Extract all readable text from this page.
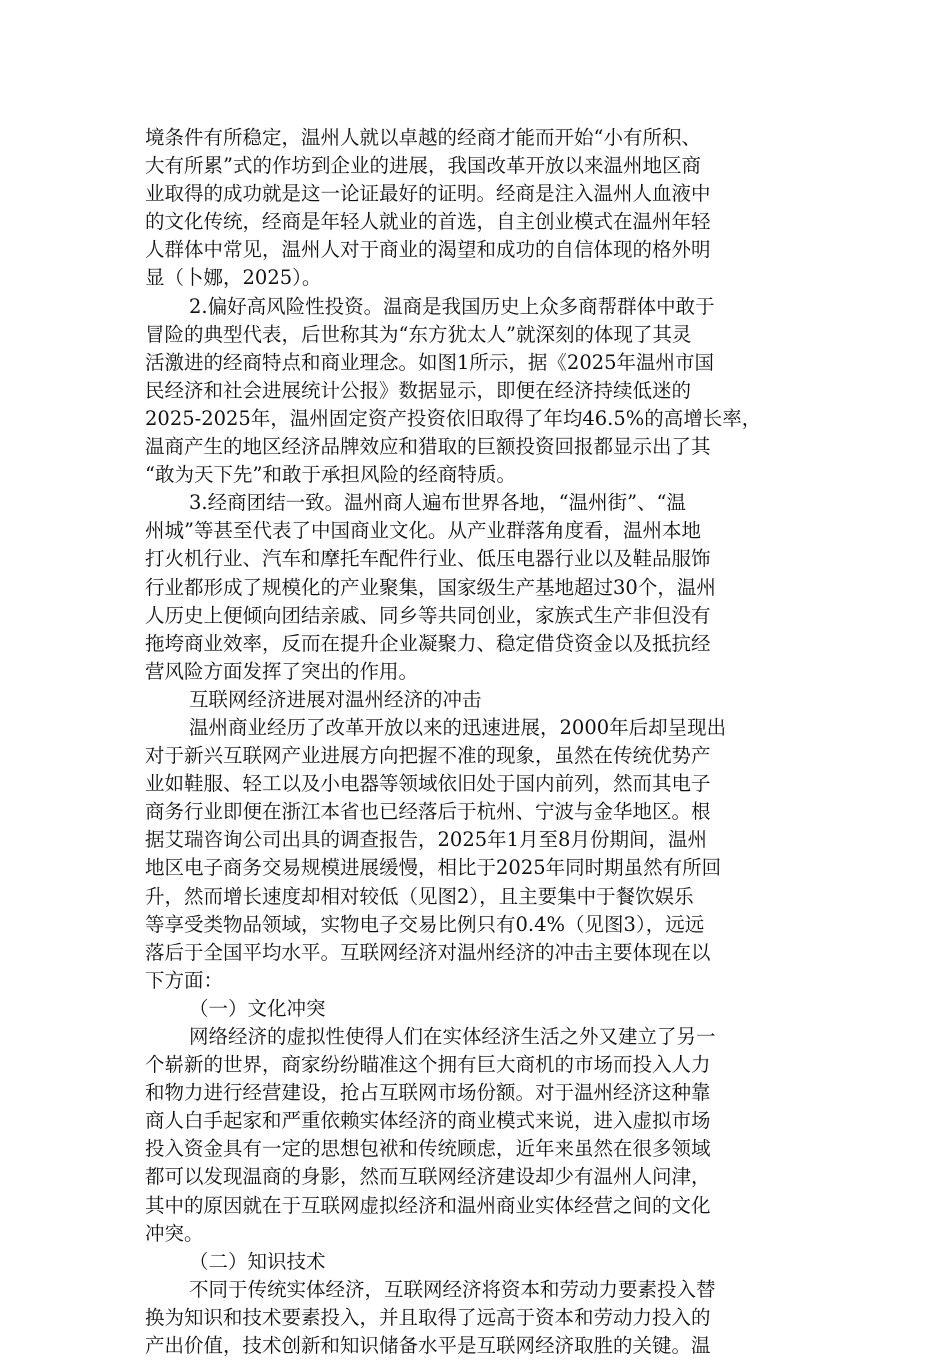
境条件有所稳定，温州人就以卓越的经商才能而开始“小有所积、
大有所累”式的作坊到企业的进展，我国改革开放以来温州地区商
业取得的成功就是这一论证最好的证明。经商是注入温州人血液中
的文化传统，经商是年轻人就业的首选，自主创业模式在温州年轻
人群体中常见，温州人对于商业的渴望和成功的自信体现的格外明
显（卜娜，2025）。
2.偏好高风险性投资。温商是我国历史上众多商帮群体中敢于
冒险的典型代表，后世称其为“东方犹太人”就深刻的体现了其灵
活激进的经商特点和商业理念。如图1所示，据《2025年温州市国
民经济和社会进展统计公报》数据显示，即便在经济持续低迷的
2025-2025年，温州固定资产投资依旧取得了年均46.5%的高增长率，
温商产生的地区经济品牌效应和猎取的巨额投资回报都显示出了其
“敢为天下先”和敢于承担风险的经商特质。
3.经商团结一致。温州商人遍布世界各地，“温州街”、“温
州城”等甚至代表了中国商业文化。从产业群落角度看，温州本地
打火机行业、汽车和摩托车配件行业、低压电器行业以及鞋品服饰
行业都形成了规模化的产业聚集，国家级生产基地超过30个，温州
人历史上便倾向团结亲戚、同乡等共同创业，家族式生产非但没有
拖垮商业效率，反而在提升企业凝聚力、稳定借贷资金以及抵抗经
营风险方面发挥了突出的作用。
互联网经济进展对温州经济的冲击
温州商业经历了改革开放以来的迅速进展，2000年后却呈现出
对于新兴互联网产业进展方向把握不准的现象，虽然在传统优势产
业如鞋服、轻工以及小电器等领域依旧处于国内前列，然而其电子
商务行业即便在浙江本省也已经落后于杭州、宁波与金华地区。根
据艾瑞咨询公司出具的调查报告，2025年1月至8月份期间，温州
地区电子商务交易规模进展缓慢，相比于2025年同时期虽然有所回
升，然而增长速度却相对较低（见图2），且主要集中于餐饮娱乐
等享受类物品领域，实物电子交易比例只有0.4%（见图3），远远
落后于全国平均水平。互联网经济对温州经济的冲击主要体现在以
下方面：
（一）文化冲突
网络经济的虚拟性使得人们在实体经济生活之外又建立了另一
个崭新的世界，商家纷纷瞄准这个拥有巨大商机的市场而投入人力
和物力进行经营建设，抢占互联网市场份额。对于温州经济这种靠
商人白手起家和严重依赖实体经济的商业模式来说，进入虚拟市场
投入资金具有一定的思想包袱和传统顾虑，近年来虽然在很多领域
都可以发现温商的身影，然而互联网经济建设却少有温州人问津，
其中的原因就在于互联网虚拟经济和温州商业实体经营之间的文化
冲突。
（二）知识技术
不同于传统实体经济，互联网经济将资本和劳动力要素投入替
换为知识和技术要素投入，并且取得了远高于资本和劳动力投入的
产出价值，技术创新和知识储备水平是互联网经济取胜的关键。温
